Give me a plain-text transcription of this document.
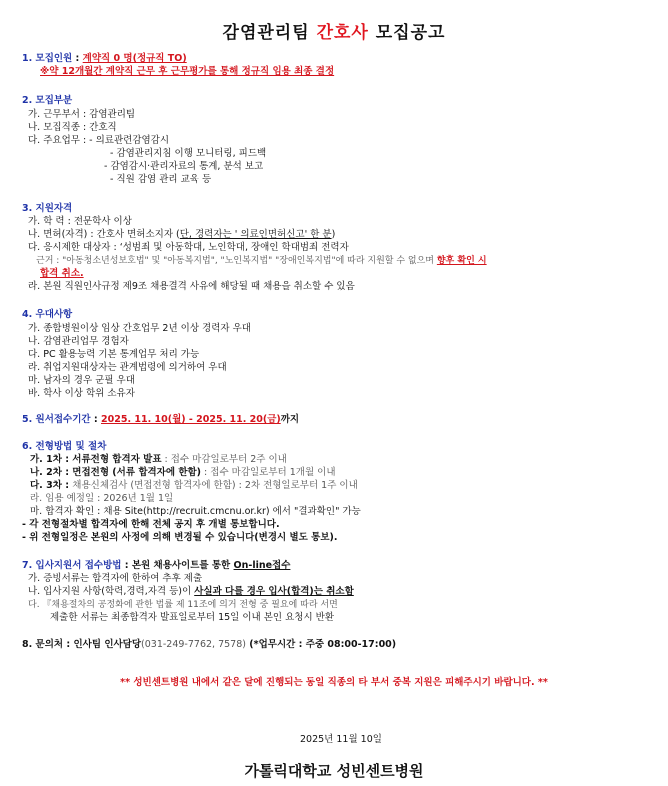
감염관리팀 간호사 모집공고
1. 모집인원 : 계약직 0 명(정규직 TO)
※약 12개월간 계약직 근무 후 근무평가를 통해 정규직 임용 최종 결정
2. 모집부분
가. 근무부서 : 감염관리팀
나. 모집직종 : 간호직
다. 주요업무 : - 의료관련감염감시
- 감염관리지침 이행 모니터링, 피드백
- 감염감시·관리자료의 통계, 분석 보고
- 직원 감염 관리 교육 등
3. 지원자격
가. 학 력 : 전문학사 이상
나. 면허(자격) : 간호사 면허소지자 (단, 경력자는 ' 의료인면허신고' 한 분)
다. 응시제한 대상자 : ‘성범죄 및 아동학대, 노인학대, 장애인 학대범죄 전력자
근거 : "아동청소년성보호법" 및 "아동복지법", "노인복지법" "장애인복지법"에 따라 지원할 수 없으며 향후 확인 시
합격 취소.
라. 본원 직원인사규정 제9조 채용결격 사유에 해당될 때 채용을 취소할 수 있음
4. 우대사항
가. 종합병원이상 임상 간호업무 2년 이상 경력자 우대
나. 감염관리업무 경험자
다. PC 활용능력 기본 통계업무 처리 가능
라. 취업지원대상자는 관계법령에 의거하여 우대
마. 남자의 경우 군필 우대
바. 학사 이상 학위 소유자
5. 원서접수기간 : 2025. 11. 10(월) - 2025. 11. 20(금)까지
6. 전형방법 및 절차
가. 1차 : 서류전형 합격자 발표 : 접수 마감일로부터 2주 이내
나. 2차 : 면접전형 (서류 합격자에 한함) : 접수 마감일로부터 1개월 이내
다. 3차 : 채용신체검사 (면접전형 합격자에 한함) : 2차 전형일로부터 1주 이내
라. 임용 예정일 : 2026년 1월 1일
마. 합격자 확인 : 채용 Site(http://recruit.cmcnu.or.kr) 에서 "결과확인" 가능
- 각 전형절차별 합격자에 한해 전체 공지 후 개별 통보합니다.
- 위 전형일정은 본원의 사정에 의해 변경될 수 있습니다(변경시 별도 통보).
7. 입사지원서 접수방법 : 본원 채용사이트를 통한 On-line접수
가. 증빙서류는 합격자에 한하여 추후 제출
나. 입사지원 사항(학력,경력,자격 등)이 사실과 다를 경우 입사(합격)는 취소함
다. 『채용절차의 공정화에 관한 법률 제 11조에 의거 전형 중 필요에 따라 서면
제출한 서류는 최종합격자 발표일로부터 15일 이내 본인 요청시 반환
8. 문의처 : 인사팀 인사담당(031-249-7762, 7578) (*업무시간 : 주중 08:00-17:00)
** 성빈센트병원 내에서 같은 달에 진행되는 동일 직종의 타 부서 중복 지원은 피해주시기 바랍니다. **
2025년 11월 10일
가톨릭대학교 성빈센트병원
